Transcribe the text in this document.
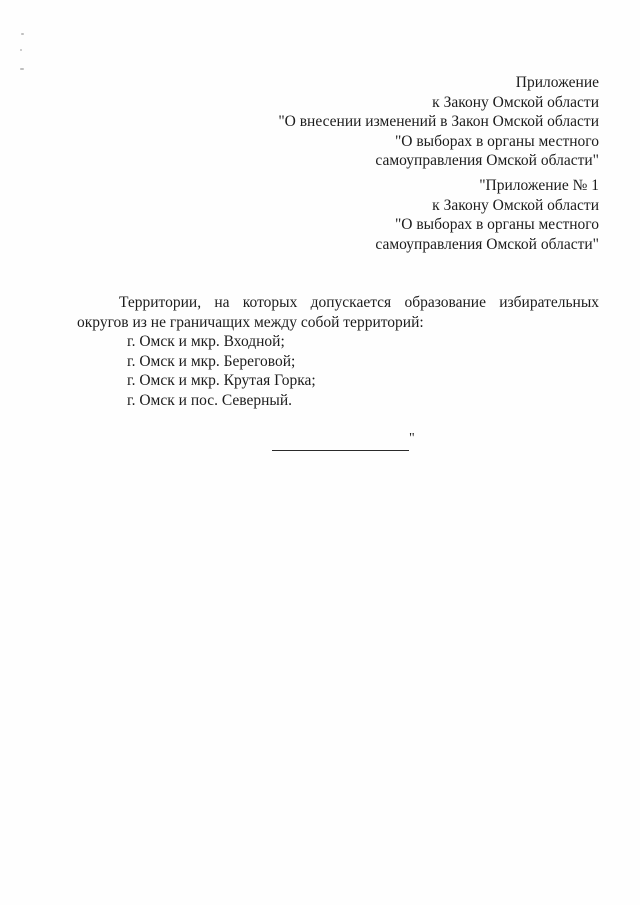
Приложение
к Закону Омской области
"О внесении изменений в Закон Омской области
"О выборах в органы местного
самоуправления Омской области"
"Приложение № 1
к Закону Омской области
"О выборах в органы местного
самоуправления Омской области"
Территории, на которых допускается образование избирательных округов из не граничащих между собой территорий:
г. Омск и мкр. Входной;
г. Омск и мкр. Береговой;
г. Омск и мкр. Крутая Горка;
г. Омск и пос. Северный.
"
